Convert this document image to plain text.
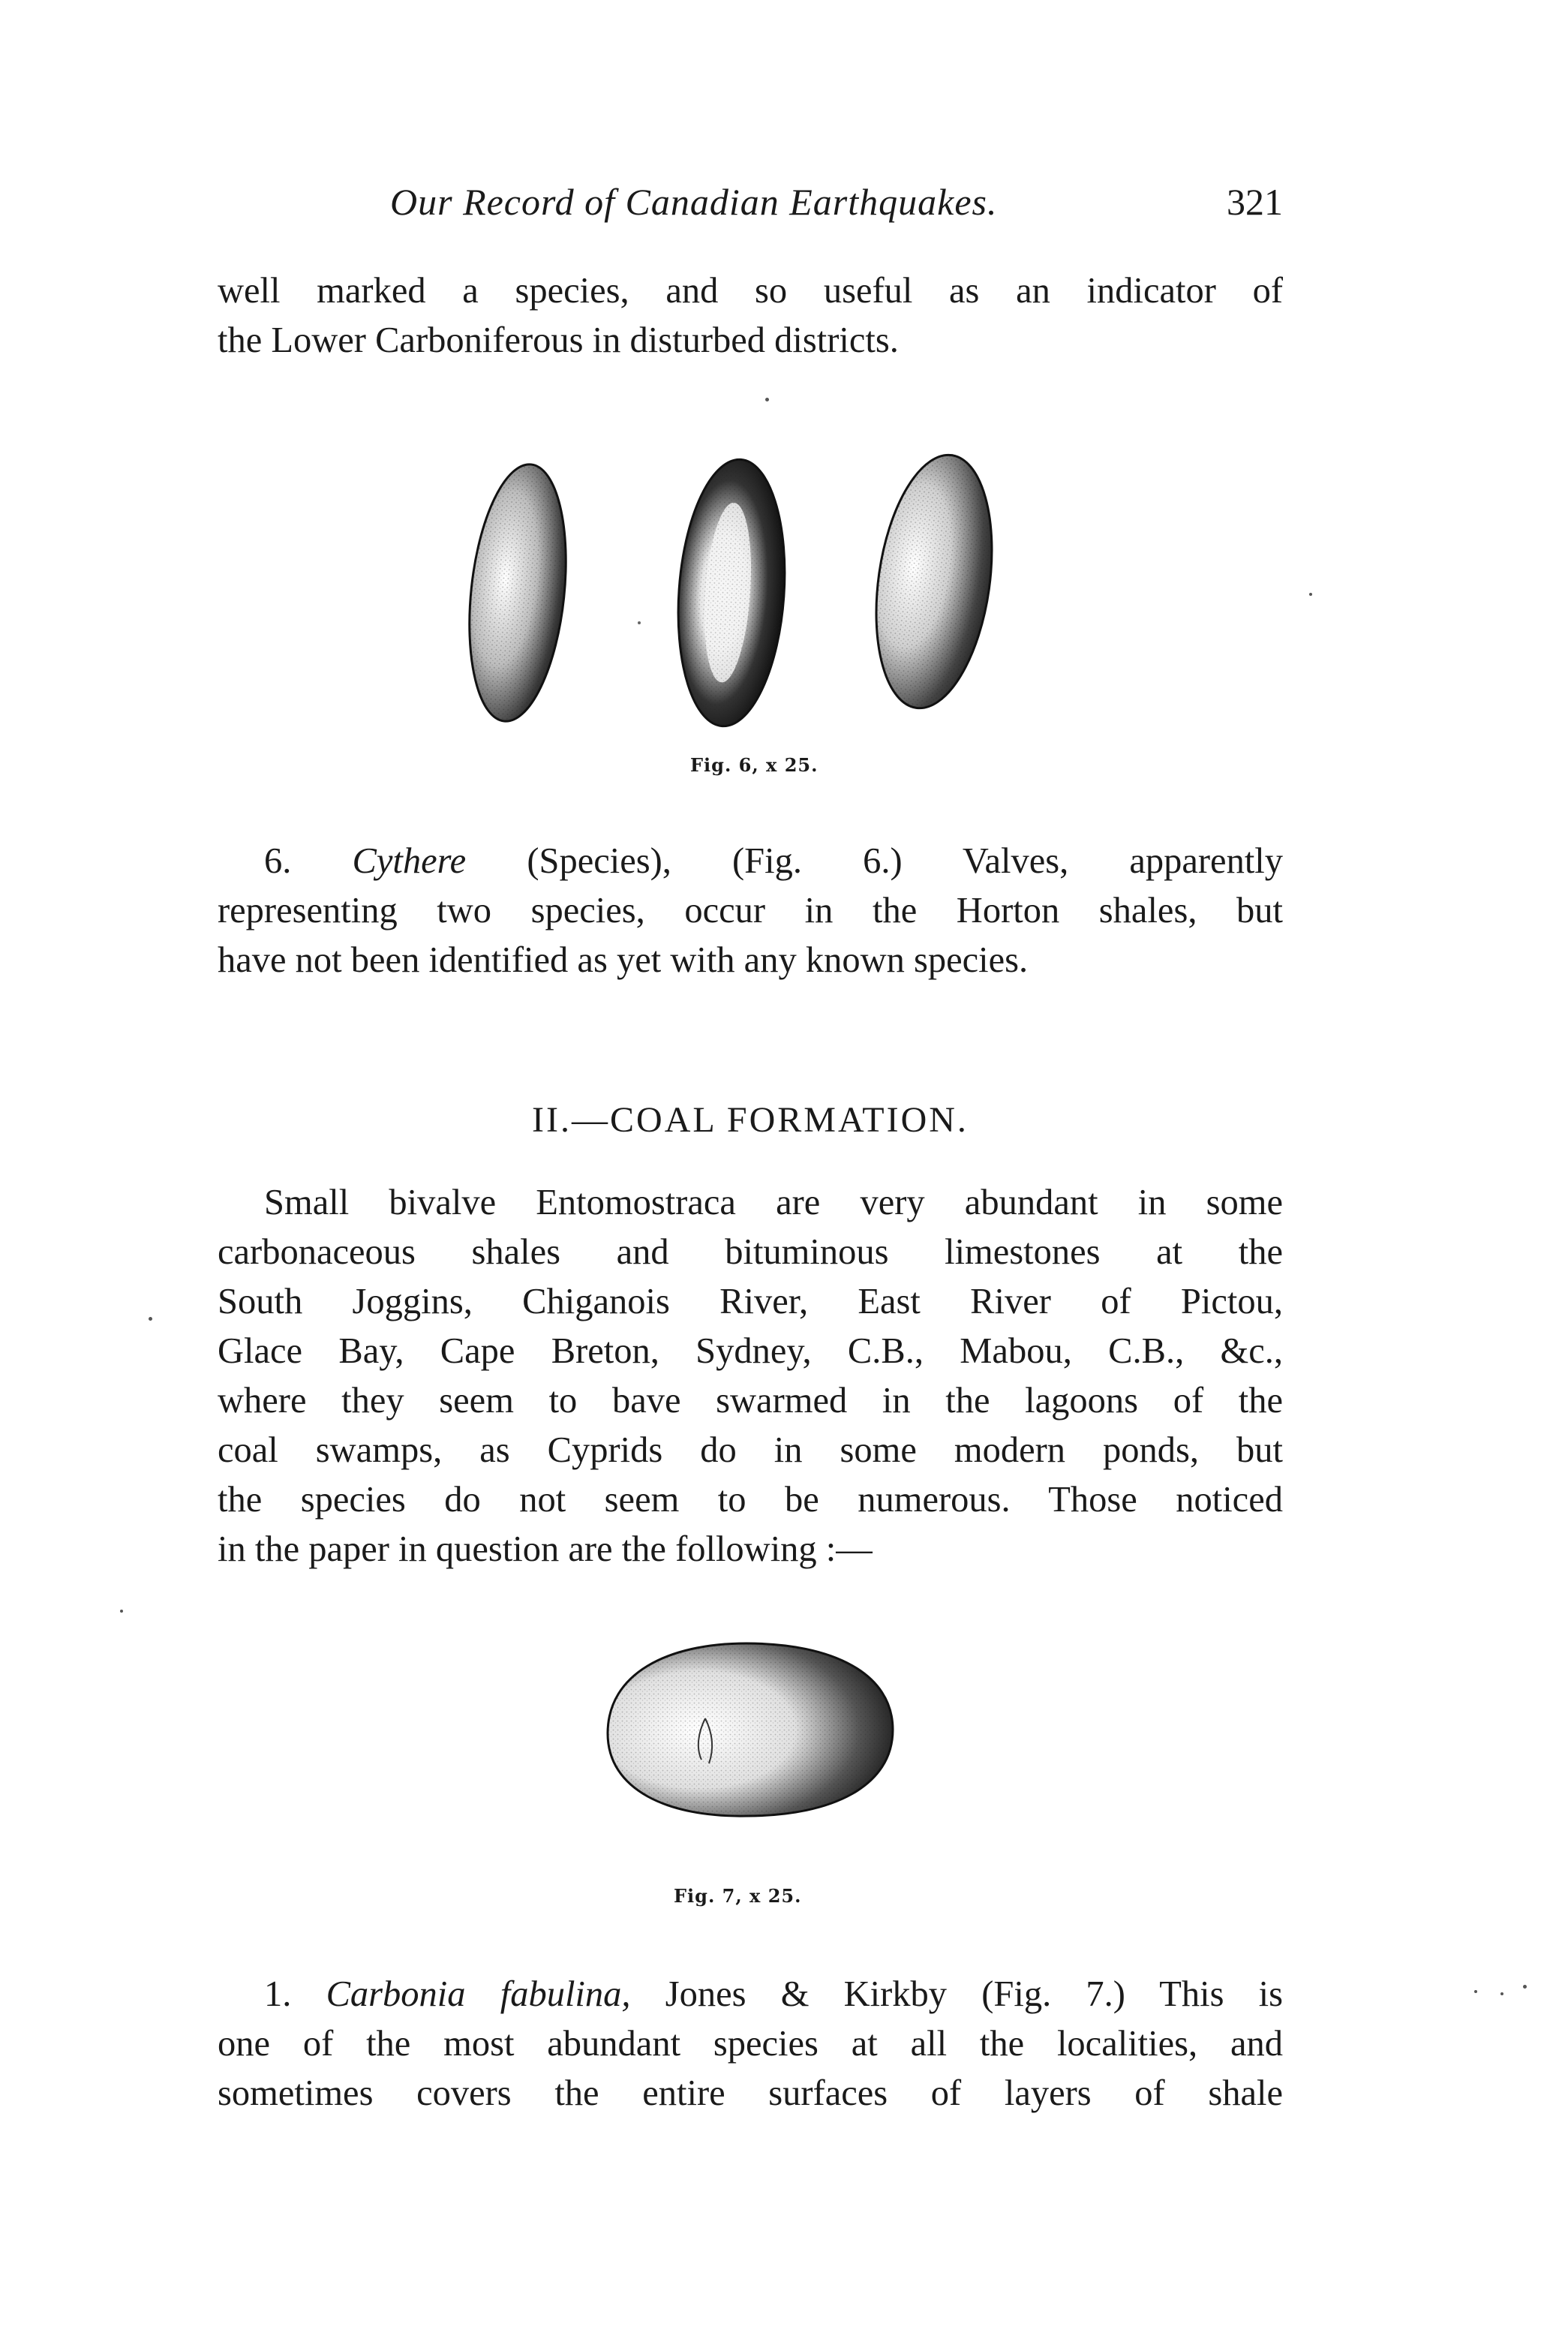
Our Record of Canadian Earthquakes.	321

well marked a species, and so useful as an indicator of
the Lower Carboniferous in disturbed districts.

Fig. 6, x 25.

6. Cythere (Species), (Fig. 6.) Valves, apparently
representing two species, occur in the Horton shales, but
have not been identified as yet with any known species.

II.—COAL FORMATION.

Small bivalve Entomostraca are very abundant in some
carbonaceous shales and bituminous limestones at the
South Joggins, Chiganois River, East River of Pictou,
Glace Bay, Cape Breton, Sydney, C.B., Mabou, C.B., &c.,
where they seem to bave swarmed in the lagoons of the
coal swamps, as Cyprids do in some modern ponds, but
the species do not seem to be numerous. Those noticed
in the paper in question are the following :—

Fig. 7, x 25.

1. Carbonia fabulina, Jones & Kirkby (Fig. 7.) This is
one of the most abundant species at all the localities, and
sometimes covers the entire surfaces of layers of shale
